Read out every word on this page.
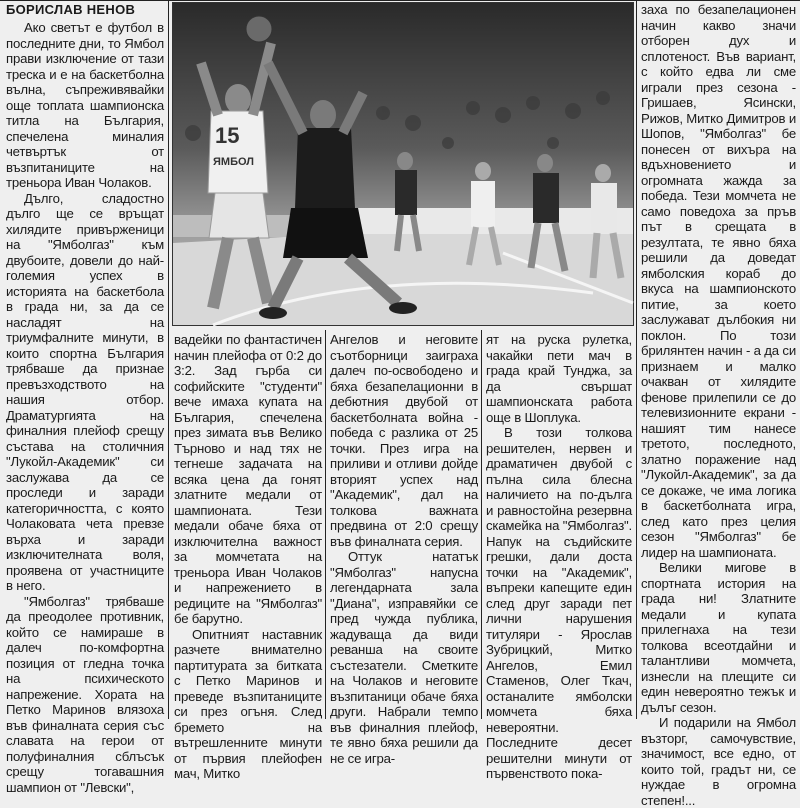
БОРИСЛАВ НЕНОВ
15
ЯМБОЛ

Ако светът е футбол в последните дни, то Ямбол прави изключение от тази треска и е на баскетболна вълна, съпреживявайки още топлата шампионска титла на България, спечелена миналия четвъртък от възпитаниците на треньора Иван Чолаков.

Дълго, сладостно дълго ще се връщат хилядите привърженици на "Ямболгаз" към двубоите, довели до най-големия успех в историята на баскетбола в града ни, за да се насладят на триумфалните минути, в които спортна България трябваше да признае превъзходството на нашия отбор. Драматургията на финалния плейоф срещу състава на столичния "Лукойл-Академик" си заслужава да се проследи и заради категоричността, с която Чолаковата чета превзе върха и заради изключителната воля, проявена от участниците в него.

"Ямболгаз" трябваше да преодолее противник, който се намираше в далеч по-комфортна позиция от гледна точка на психическото напрежение. Хората на Петко Маринов влязоха във финалната серия със славата на герои от полуфиналния сблъсък срещу тогавашния шампион от "Левски",

вадейки по фантастичен начин плейофа от 0:2 до 3:2. Зад гърба си софийските "студенти" вече имаха купата на България, спечелена през зимата във Велико Търново и над тях не тегнеше задачата на всяка цена да гонят златните медали от шампионата. Тези медали обаче бяха от изключителна важност за момчетата на треньора Иван Чолаков и напрежението в редиците на "Ямболгаз" бе барутно.

Опитният наставник разчете внимателно партитурата за битката с Петко Маринов и преведе възпитаниците си през огъня. След бремето на вътрешленните минути от първия плейофен мач, Митко

Ангелов и неговите съотборници заиграха далеч по-освободено и бяха безапелационни в дебютния двубой от баскетболната война - победа с разлика от 25 точки. През игра на приливи и отливи дойде вторият успех над "Академик", дал на толкова важната предвина от 2:0 срещу във финалната серия.

Оттук нататък "Ямболгаз" напусна легендарната зала "Диана", изправяйки се пред чужда публика, жадуваща да види реванша на своите състезатели. Сметките на Чолаков и неговите възпитаници обаче бяха други. Набрали темпо във финалния плейоф, те явно бяха решили да не се игра-

ят на руска рулетка, чакайки пети мач в града край Тунджа, за да свършат шампионската работа още в Шоплука.

В този толкова решителен, нервен и драматичен двубой с пълна сила блесна наличието на по-дълга и равностойна резервна скамейка на "Ямболгаз". Напук на съдийските грешки, дали доста точки на "Академик", въпреки капещите един след друг заради пет лични нарушения титуляри - Ярослав Зубрицкий, Митко Ангелов, Емил Стаменов, Олег Ткач, останалите ямболски момчета бяха невероятни. Последните десет решителни минути от първенството пока-

заха по безапелационен начин какво значи отборен дух и сплотеност. Във вариант, с който едва ли сме играли през сезона - Гришаев, Ясински, Рижов, Митко Димитров и Шопов, "Ямболгаз" бе понесен от вихъра на вдъхновението и огромната жажда за победа. Тези момчета не само поведоха за пръв път в срещата в резултата, те явно бяха решили да доведат ямболския кораб до вкуса на шампионското питие, за което заслужават дълбокия ни поклон. По този брилянтен начин - а да си признаем и малко очакван от хилядите феновe прилепили се до телевизионните екрани - нашият тим нанесе третото, последното, златно поражение над "Лукойл-Академик", за да се докаже, че има логика в баскетболната игра, след като през целия сезон "Ямболгаз" бе лидер на шампионата.

Велики мигове в спортната история на града ни! Златните медали и купата прилегнаха на тези толкова всеотдайни и талантливи момчета, изнесли на плещите си един невероятно тежък и дълъг сезон.

И подарили на Ямбол възторг, самочувствие, значимост, все едно, от които той, градът ни, се нуждае в огромна степен!...
